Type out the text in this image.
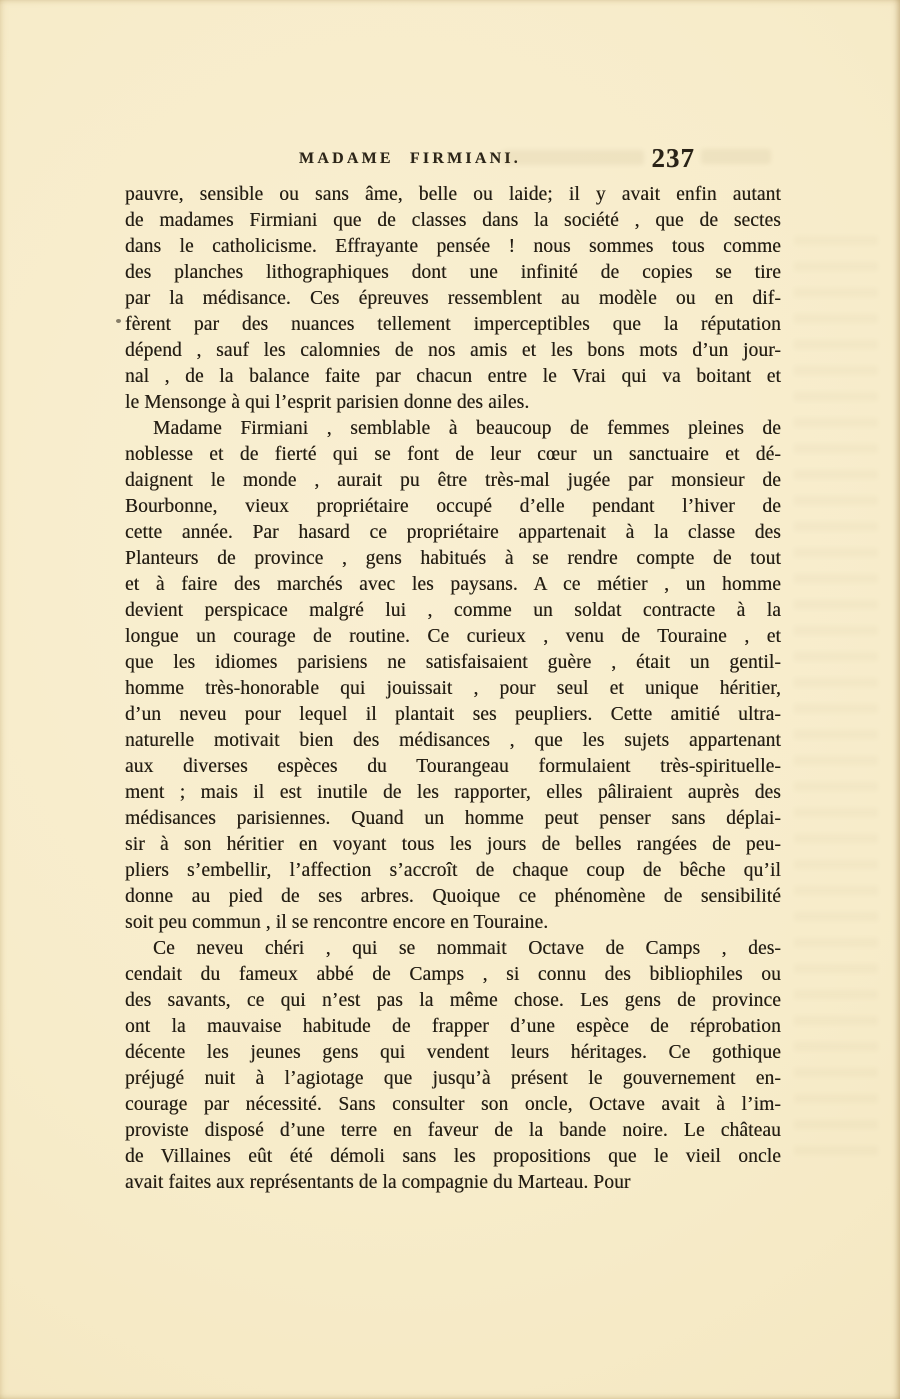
MADAME FIRMIANI.	237
pauvre, sensible ou sans âme, belle ou laide; il y avait enfin autant
de madames Firmiani que de classes dans la société , que de sectes
dans le catholicisme. Effrayante pensée ! nous sommes tous comme
des planches lithographiques dont une infinité de copies se tire
par la médisance. Ces épreuves ressemblent au modèle ou en dif-
fèrent par des nuances tellement imperceptibles que la réputation
dépend , sauf les calomnies de nos amis et les bons mots d’un jour-
nal , de la balance faite par chacun entre le Vrai qui va boitant et
le Mensonge à qui l’esprit parisien donne des ailes.
Madame Firmiani , semblable à beaucoup de femmes pleines de
noblesse et de fierté qui se font de leur cœur un sanctuaire et dé-
daignent le monde , aurait pu être très-mal jugée par monsieur de
Bourbonne, vieux propriétaire occupé d’elle pendant l’hiver de
cette année. Par hasard ce propriétaire appartenait à la classe des
Planteurs de province , gens habitués à se rendre compte de tout
et à faire des marchés avec les paysans. A ce métier , un homme
devient perspicace malgré lui , comme un soldat contracte à la
longue un courage de routine. Ce curieux , venu de Touraine , et
que les idiomes parisiens ne satisfaisaient guère , était un gentil-
homme très-honorable qui jouissait , pour seul et unique héritier,
d’un neveu pour lequel il plantait ses peupliers. Cette amitié ultra-
naturelle motivait bien des médisances , que les sujets appartenant
aux diverses espèces du Tourangeau formulaient très-spirituelle-
ment ; mais il est inutile de les rapporter, elles pâliraient auprès des
médisances parisiennes. Quand un homme peut penser sans déplai-
sir à son héritier en voyant tous les jours de belles rangées de peu-
pliers s’embellir, l’affection s’accroît de chaque coup de bêche qu’il
donne au pied de ses arbres. Quoique ce phénomène de sensibilité
soit peu commun , il se rencontre encore en Touraine.
Ce neveu chéri , qui se nommait Octave de Camps , des-
cendait du fameux abbé de Camps , si connu des bibliophiles ou
des savants, ce qui n’est pas la même chose. Les gens de province
ont la mauvaise habitude de frapper d’une espèce de réprobation
décente les jeunes gens qui vendent leurs héritages. Ce gothique
préjugé nuit à l’agiotage que jusqu’à présent le gouvernement en-
courage par nécessité. Sans consulter son oncle, Octave avait à l’im-
proviste disposé d’une terre en faveur de la bande noire. Le château
de Villaines eût été démoli sans les propositions que le vieil oncle
avait faites aux représentants de la compagnie du Marteau. Pour
